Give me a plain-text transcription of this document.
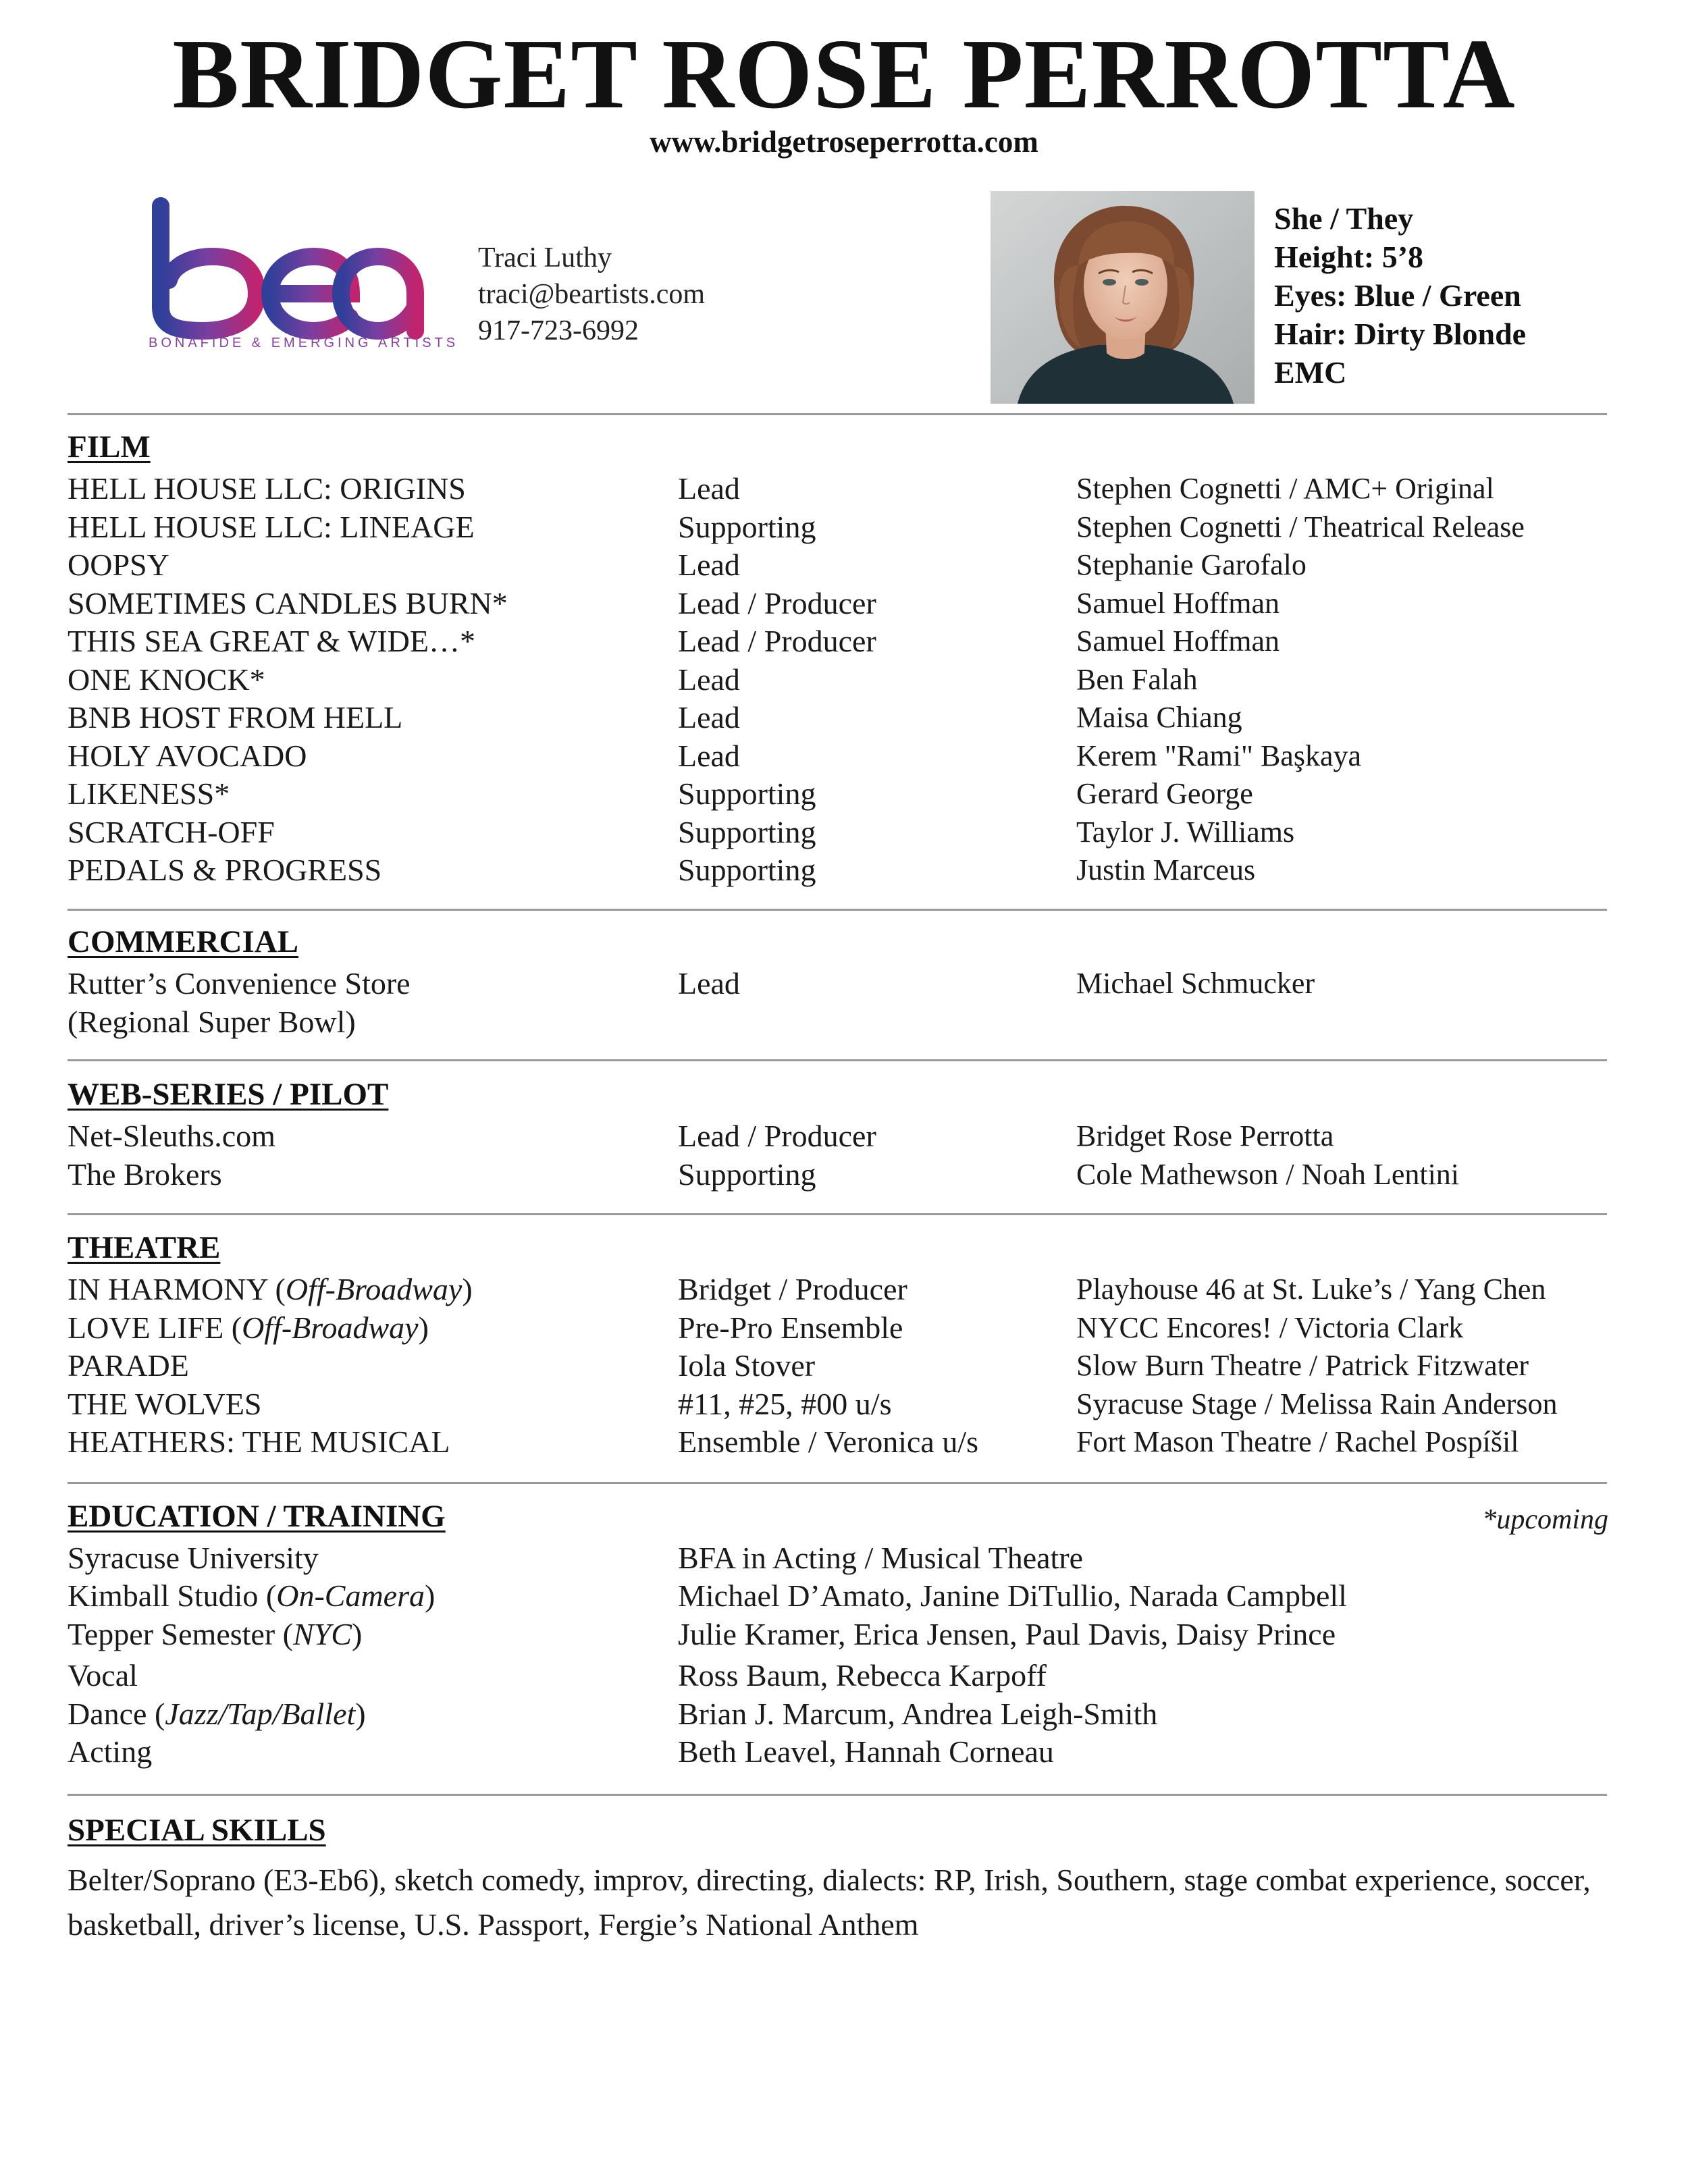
BRIDGET ROSE PERROTTA
www.bridgetroseperrotta.com
BONAFIDE & EMERGING ARTISTS
Traci Luthy
traci@beartists.com
917-723-6992
She / They
Height: 5’8
Eyes: Blue / Green
Hair: Dirty Blonde
EMC
FILM
HELL HOUSE LLC: ORIGINS	Lead	Stephen Cognetti / AMC+ Original
HELL HOUSE LLC: LINEAGE	Supporting	Stephen Cognetti / Theatrical Release
OOPSY	Lead	Stephanie Garofalo
SOMETIMES CANDLES BURN*	Lead / Producer	Samuel Hoffman
THIS SEA GREAT & WIDE…*	Lead / Producer	Samuel Hoffman
ONE KNOCK*	Lead	Ben Falah
BNB HOST FROM HELL	Lead	Maisa Chiang
HOLY AVOCADO	Lead	Kerem "Rami" Başkaya
LIKENESS*	Supporting	Gerard George
SCRATCH-OFF	Supporting	Taylor J. Williams
PEDALS & PROGRESS	Supporting	Justin Marceus
COMMERCIAL
Rutter’s Convenience Store	Lead	Michael Schmucker
(Regional Super Bowl)
WEB-SERIES / PILOT
Net-Sleuths.com	Lead / Producer	Bridget Rose Perrotta
The Brokers	Supporting	Cole Mathewson / Noah Lentini
THEATRE
IN HARMONY (Off-Broadway)	Bridget / Producer	Playhouse 46 at St. Luke’s / Yang Chen
LOVE LIFE (Off-Broadway)	Pre-Pro Ensemble	NYCC Encores! / Victoria Clark
PARADE	Iola Stover	Slow Burn Theatre / Patrick Fitzwater
THE WOLVES	#11, #25, #00 u/s	Syracuse Stage / Melissa Rain Anderson
HEATHERS: THE MUSICAL	Ensemble / Veronica u/s	Fort Mason Theatre / Rachel Pospíšil
EDUCATION / TRAINING	*upcoming
Syracuse University	BFA in Acting / Musical Theatre
Kimball Studio (On-Camera)	Michael D’Amato, Janine DiTullio, Narada Campbell
Tepper Semester (NYC)	Julie Kramer, Erica Jensen, Paul Davis, Daisy Prince
Vocal	Ross Baum, Rebecca Karpoff
Dance (Jazz/Tap/Ballet)	Brian J. Marcum, Andrea Leigh-Smith
Acting	Beth Leavel, Hannah Corneau
SPECIAL SKILLS
Belter/Soprano (E3-Eb6), sketch comedy, improv, directing, dialects: RP, Irish, Southern, stage combat experience, soccer, basketball, driver’s license, U.S. Passport, Fergie’s National Anthem
